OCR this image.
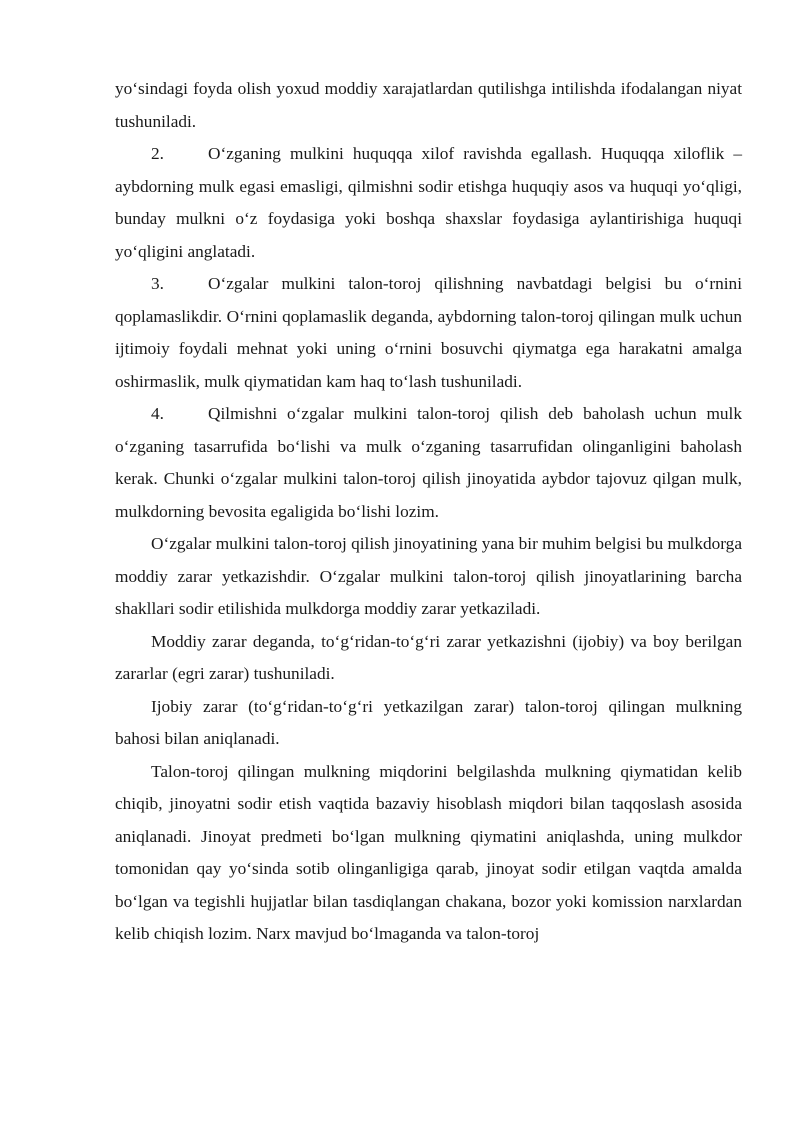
yo‘sindagi foyda olish yoxud moddiy xarajatlardan qutilishga intilishda ifodalangan niyat tushuniladi.

2.	O‘zganing mulkini huquqqa xilof ravishda egallash. Huquqqa xiloflik – aybdorning mulk egasi emasligi, qilmishni sodir etishga huquqiy asos va huquqi yo‘qligi, bunday mulkni o‘z foydasiga yoki boshqa shaxslar foydasiga aylantirishiga huquqi yo‘qligini anglatadi.

3.	O‘zgalar mulkini talon-toroj qilishning navbatdagi belgisi bu o‘rnini qoplamaslikdir. O‘rnini qoplamaslik deganda, aybdorning talon-toroj qilingan mulk uchun ijtimoiy foydali mehnat yoki uning o‘rnini bosuvchi qiymatga ega harakatni amalga oshirmaslik, mulk qiymatidan kam haq to‘lash tushuniladi.

4.	Qilmishni o‘zgalar mulkini talon-toroj qilish deb baholash uchun mulk o‘zganing tasarrufida bo‘lishi va mulk o‘zganing tasarrufidan olinganligini baholash kerak. Chunki o‘zgalar mulkini talon-toroj qilish jinoyatida aybdor tajovuz qilgan mulk, mulkdorning bevosita egaligida bo‘lishi lozim.

O‘zgalar mulkini talon-toroj qilish jinoyatining yana bir muhim belgisi bu mulkdorga moddiy zarar yetkazishdir. O‘zgalar mulkini talon-toroj qilish jinoyatlarining barcha shakllari sodir etilishida mulkdorga moddiy zarar yetkaziladi.

Moddiy zarar deganda, to‘g‘ridan-to‘g‘ri zarar yetkazishni (ijobiy) va boy berilgan zararlar (egri zarar) tushuniladi.

Ijobiy zarar (to‘g‘ridan-to‘g‘ri yetkazilgan zarar) talon-toroj qilingan mulkning bahosi bilan aniqlanadi.

Talon-toroj qilingan mulkning miqdorini belgilashda mulkning qiymatidan kelib chiqib, jinoyatni sodir etish vaqtida bazaviy hisoblash miqdori bilan taqqoslash asosida aniqlanadi. Jinoyat predmeti bo‘lgan mulkning qiymatini aniqlashda, uning mulkdor tomonidan qay yo‘sinda sotib olinganligiga qarab, jinoyat sodir etilgan vaqtda amalda bo‘lgan va tegishli hujjatlar bilan tasdiqlangan chakana, bozor yoki komission narxlardan kelib chiqish lozim. Narx mavjud bo‘lmaganda va talon-toroj
